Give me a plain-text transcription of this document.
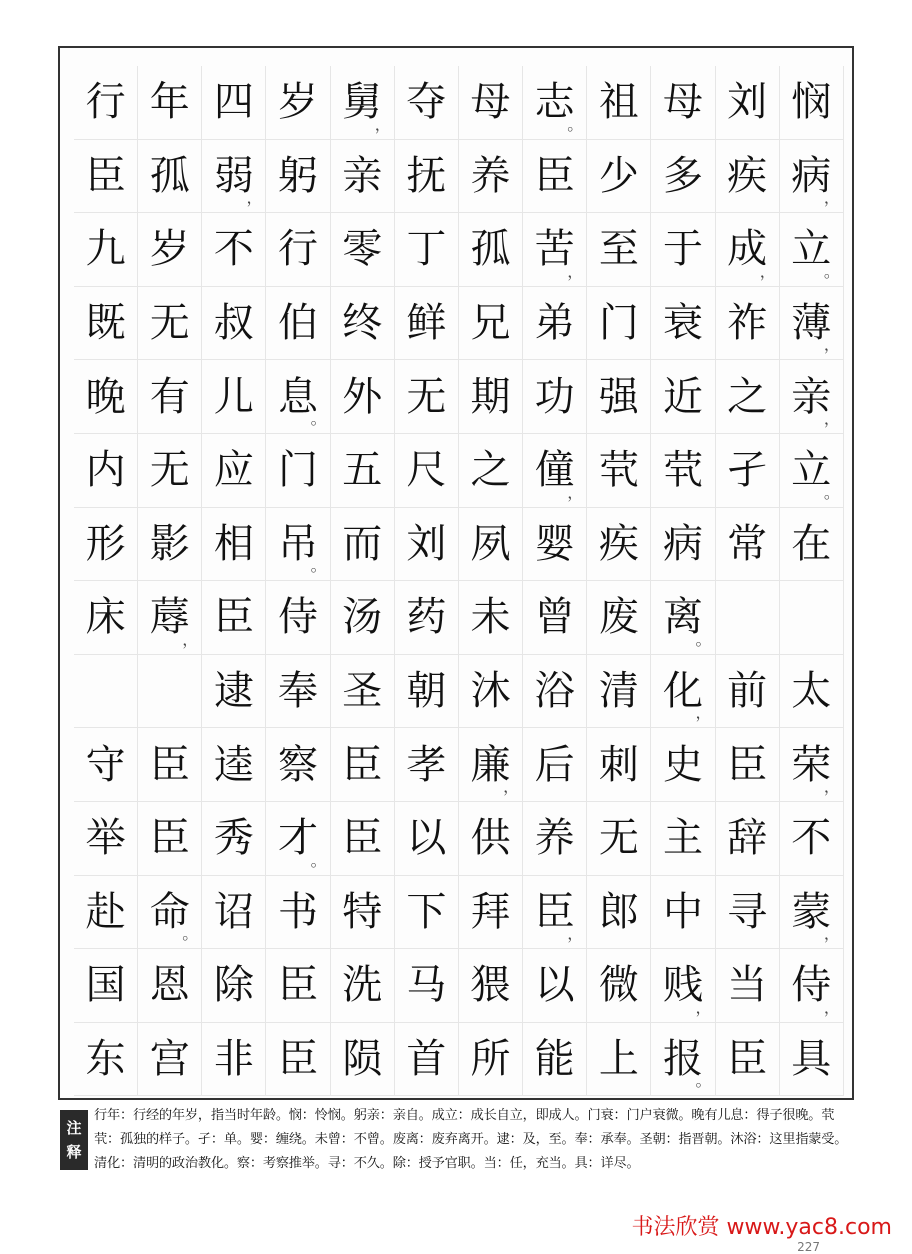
行 年 四 岁 舅
， 夺 母 志
。 祖 母 刘 悯
臣 孤 弱
， 躬 亲 抚 养 臣 少 多 疾 病
，
九 岁 不 行 零 丁 孤 苦
， 至 于 成
， 立
。
既 无 叔 伯 终 鲜 兄 弟 门 衰 祚 薄
，
晚 有 儿 息
。 外 无 期 功 强 近 之 亲
，
内 无 应 门 五 尺 之 僮
， 茕 茕 孑 立
。
形 影 相 吊
。 而 刘 夙 婴 疾 病 常 在
床 蓐
， 臣 侍 汤 药 未 曾 废 离
。
逮 奉 圣 朝 沐 浴 清 化
， 前 太
守 臣 逵 察 臣 孝 廉
， 后 刺 史 臣 荣
，
举 臣 秀 才
。 臣 以 供 养 无 主 辞 不
赴 命
。 诏 书 特 下 拜 臣
， 郎 中 寻 蒙
，
国 恩 除 臣 洗 马 猥 以 微 贱
， 当 侍
，
东 宫 非 臣 陨 首 所 能 上 报
。 臣 具
注释
行年：行经的年岁，指当时年龄。悯：怜悯。躬亲：亲自。成立：成长自立，即成人。门衰：门户衰微。晚有儿息：得子很晚。茕茕：孤独的样子。孑：单。婴：缠绕。未曾：不曾。废离：废弃离开。逮：及，至。奉：承奉。圣朝：指晋朝。沐浴：这里指蒙受。清化：清明的政治教化。察：考察推举。寻：不久。除：授予官职。当：任，充当。具：详尽。
书法欣赏 www.yac8.com
227
